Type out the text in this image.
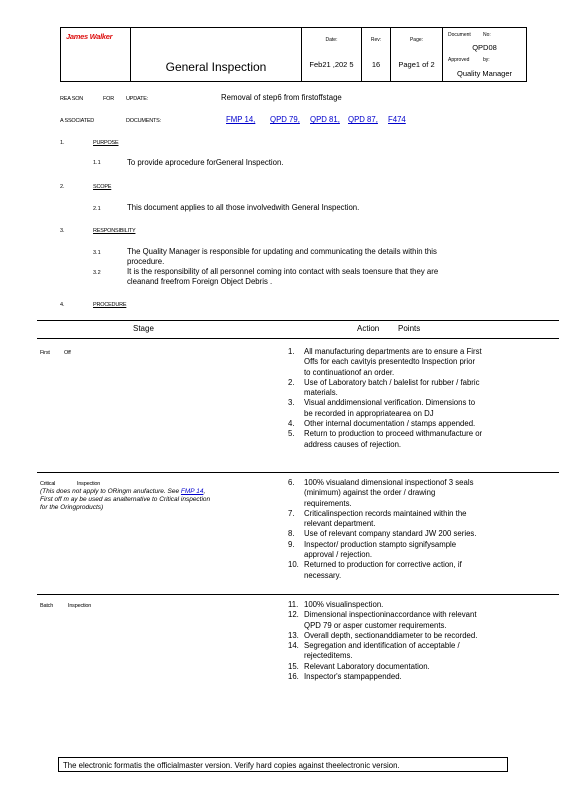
James Walker
General Inspection
Date:
Feb21 ,202 5
Rev:
16
Page:
Page1 of 2
Document No:
QPD08
Approved	by:
Quality Manager
REA SON	FOR UPDATE:	Removal of step6 from firstoffstage
A SSOCIATED	DOCUMENTS:	FMP 14, QPD 79, QPD 81, QPD 87, F474
1.	PURPOSE
1.1	To provide aprocedure forGeneral Inspection.
2.	SCOPE
2.1	This document applies to all those involvedwith General Inspection.
3.	RESPONSIBILITY
3.1	The Quality Manager is responsible for updating and communicating the details within this
procedure.
3.2	It is the responsibility of all personnel coming into contact with seals toensure that they are
cleanand freefrom Foreign Object Debris .
4.	PROCEDURE
Stage	Action Points
First	Off	1. All manufacturing departments are to ensure a First
Offs for each cavityis presentedto Inspection prior
to continuationof an order.
2. Use of Laboratory batch / balelist for rubber / fabric
materials.
3. Visual anddimensional verification. Dimensions to
be recorded in appropriatearea on DJ
4. Other internal documentation / stamps appended.
5. Return to production to proceed withmanufacture or
address causes of rejection.
Critical	Inspection
(This does not apply to ORingm anufacture. See FMP 14,
First off m ay be used as analternative to Critical inspection
for the Oringproducts)
6. 100% visualand dimensional inspectionof 3 seals
(minimum) against the order / drawing
requirements.
7. Criticalinspection records maintained within the
relevant department.
8. Use of relevant company standard JW 200 series.
9. Inspector/ production stampto signifysample
approval / rejection.
10. Returned to production for corrective action, if
necessary.
Batch	Inspection	11. 100% visualinspection.
12. Dimensional inspectioninaccordance with relevant
QPD 79 or asper customer requirements.
13. Overall depth, sectionanddiameter to be recorded.
14. Segregation and identification of acceptable /
rejecteditems.
15. Relevant Laboratory documentation.
16. Inspector's stampappended.
The electronic formatis the officialmaster version. Verify hard copies against theelectronic version.
